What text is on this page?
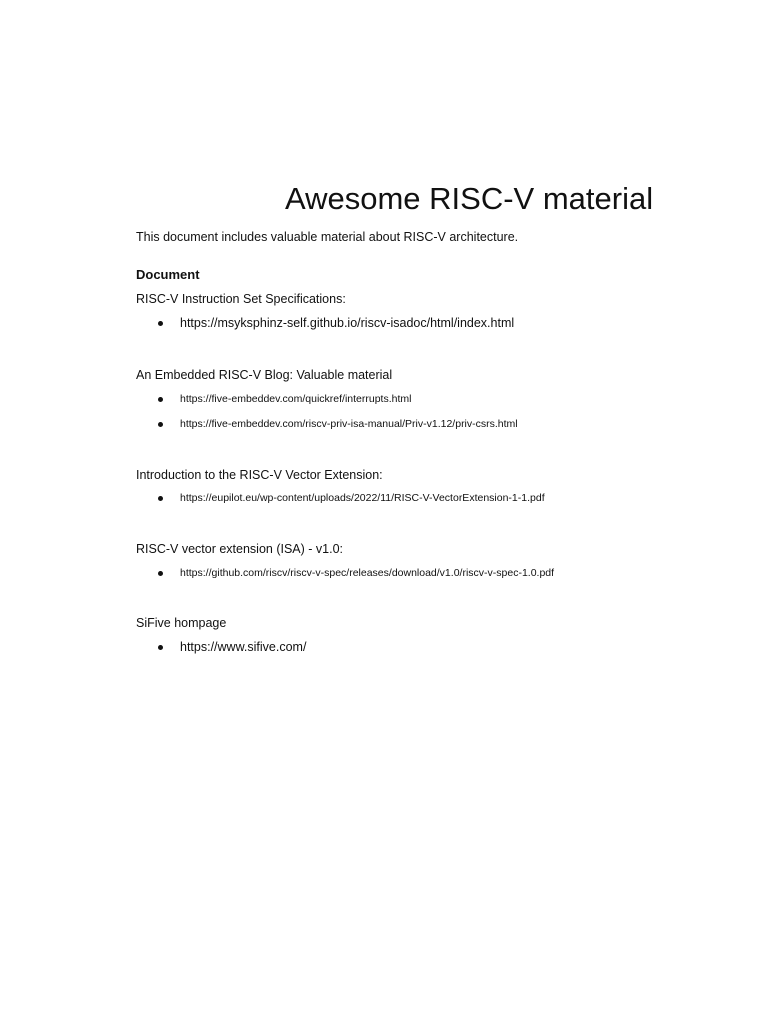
Awesome RISC-V material

This document includes valuable material about RISC-V architecture.

Document

RISC-V Instruction Set Specifications:

https://msyksphinz-self.github.io/riscv-isadoc/html/index.html

An Embedded RISC-V Blog: Valuable material

https://five-embeddev.com/quickref/interrupts.html
https://five-embeddev.com/riscv-priv-isa-manual/Priv-v1.12/priv-csrs.html

Introduction to the RISC-V Vector Extension:

https://eupilot.eu/wp-content/uploads/2022/11/RISC-V-VectorExtension-1-1.pdf

RISC-V vector extension (ISA) - v1.0:

https://github.com/riscv/riscv-v-spec/releases/download/v1.0/riscv-v-spec-1.0.pdf

SiFive hompage

https://www.sifive.com/
